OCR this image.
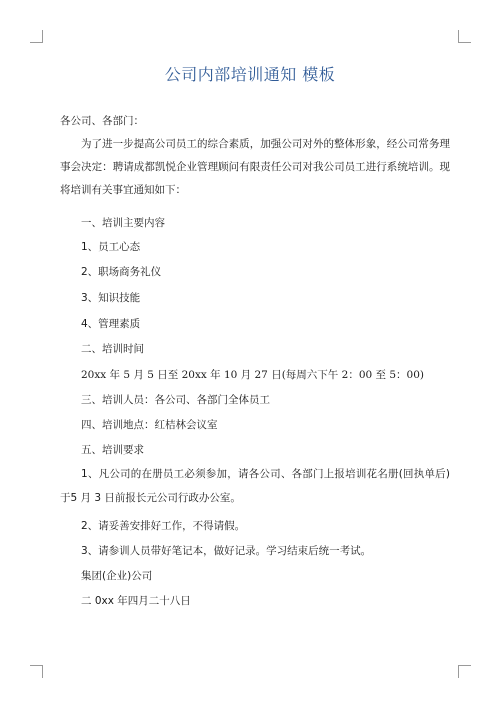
公司内部培训通知 模板
各公司、各部门：
为了进一步提高公司员工的综合素质，加强公司对外的整体形象，经公司常务理事会决定：聘请成都凯悦企业管理顾问有限责任公司对我公司员工进行系统培训。现将培训有关事宜通知如下：
一、培训主要内容
1、员工心态
2、职场商务礼仪
3、知识技能
4、管理素质
二、培训时间
20xx 年 5 月 5 日至 20xx 年 10 月 27 日(每周六下午 2：00 至 5：00)
三、培训人员：各公司、各部门全体员工
四、培训地点：红桔林会议室
五、培训要求
1、凡公司的在册员工必须参加，请各公司、各部门上报培训花名册(回执单后)于5 月 3 日前报长元公司行政办公室。
2、请妥善安排好工作，不得请假。
3、请参训人员带好笔记本，做好记录。学习结束后统一考试。
集团(企业)公司
二 0xx 年四月二十八日
